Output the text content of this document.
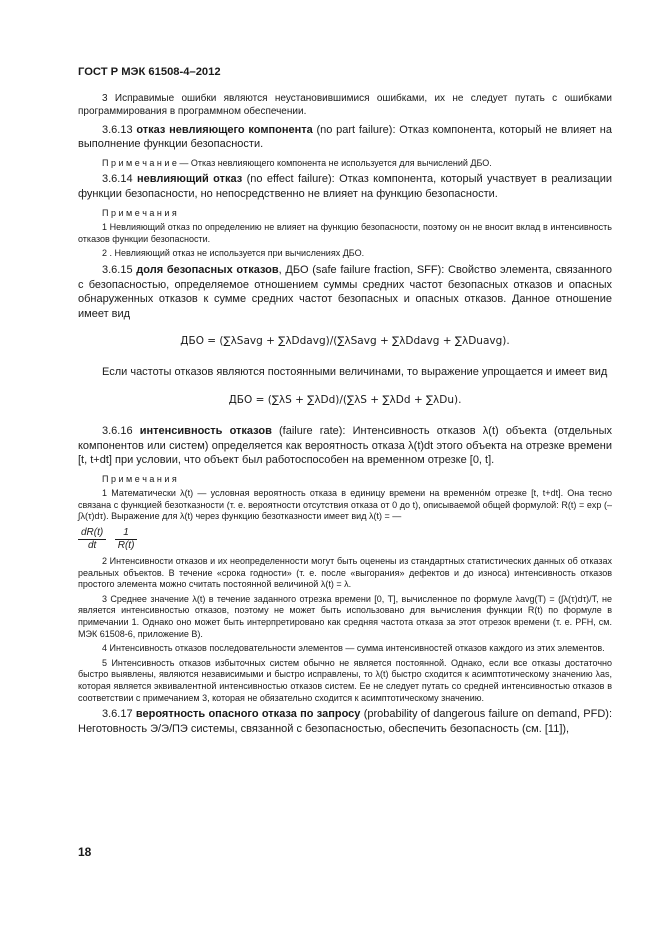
ГОСТ Р МЭК 61508-4–2012

3 Исправимые ошибки являются неустановившимися ошибками, их не следует путать с ошибками программирования в программном обеспечении.

3.6.13 отказ невлияющего компонента (no part failure): Отказ компонента, который не влияет на выполнение функции безопасности.

П р и м е ч а н и е — Отказ невлияющего компонента не используется для вычислений ДБО.

3.6.14 невлияющий отказ (no effect failure): Отказ компонента, который участвует в реализации функции безопасности, но непосредственно не влияет на функцию безопасности.

П р и м е ч а н и я

1 Невлияющий отказ по определению не влияет на функцию безопасности, поэтому он не вносит вклад в интенсивность отказов функции безопасности.

2 . Невлияющий отказ не используется при вычислениях ДБО.

3.6.15 доля безопасных отказов, ДБО (safe failure fraction, SFF): Свойство элемента, связанного с безопасностью, определяемое отношением суммы средних частот безопасных отказов и опасных обнаруженных отказов к сумме средних частот безопасных и опасных отказов. Данное отношение имеет вид

ДБО = (∑λSavg + ∑λDdavg)/(∑λSavg + ∑λDdavg + ∑λDuavg).

Если частоты отказов являются постоянными величинами, то выражение упрощается и имеет вид

ДБО = (∑λS + ∑λDd)/(∑λS + ∑λDd + ∑λDu).

3.6.16 интенсивность отказов (failure rate): Интенсивность отказов λ(t) объекта (отдельных компонентов или систем) определяется как вероятность отказа λ(t)dt этого объекта на отрезке времени [t, t+dt] при условии, что объект был работоспособен на временном отрезке [0, t].

П р и м е ч а н и я

1 Математически λ(t) — условная вероятность отказа в единицу времени на временно́м отрезке [t, t+dt]. Она тесно связана с функцией безотказности (т. е. вероятности отсутствия отказа от 0 до t), описываемой общей формулой: R(t) = exp (–∫λ(τ)dτ). Выражение для λ(t) через функцию безотказности имеет вид λ(t) = —

$\frac{dR(t)}{dt}$
$\frac{1}{R(t)}$

2 Интенсивности отказов и их неопределенности могут быть оценены из стандартных статистических данных об отказах реальных объектов. В течение «срока годности» (т. е. после «выгорания» дефектов и до износа) интенсивность отказов простого элемента можно считать постоянной величиной λ(t) = λ.

3 Среднее значение λ(t) в течение заданного отрезка времени [0, T], вычисленное по формуле λavg(T) = (∫λ(τ)dτ)/T, не является интенсивностью отказов, поэтому не может быть использовано для вычисления функции R(t) по формуле в примечании 1. Однако оно может быть интерпретировано как средняя частота отказа за этот отрезок времени (т. е. PFH, см. МЭК 61508-6, приложение B).

4 Интенсивность отказов последовательности элементов — сумма интенсивностей отказов каждого из этих элементов.

5 Интенсивность отказов избыточных систем обычно не является постоянной. Однако, если все отказы достаточно быстро выявлены, являются независимыми и быстро исправлены, то λ(t) быстро сходится к асимптотическому значению λas, которая является эквивалентной интенсивностью отказов систем. Ее не следует путать со средней интенсивностью отказов в соответствии с примечанием 3, которая не обязательно сходится к асимптотическому значению.

3.6.17 вероятность опасного отказа по запросу (probability of dangerous failure on demand, PFD): Неготовность Э/Э/ПЭ системы, связанной с безопасностью, обеспечить безопасность (см. [11]),

18
